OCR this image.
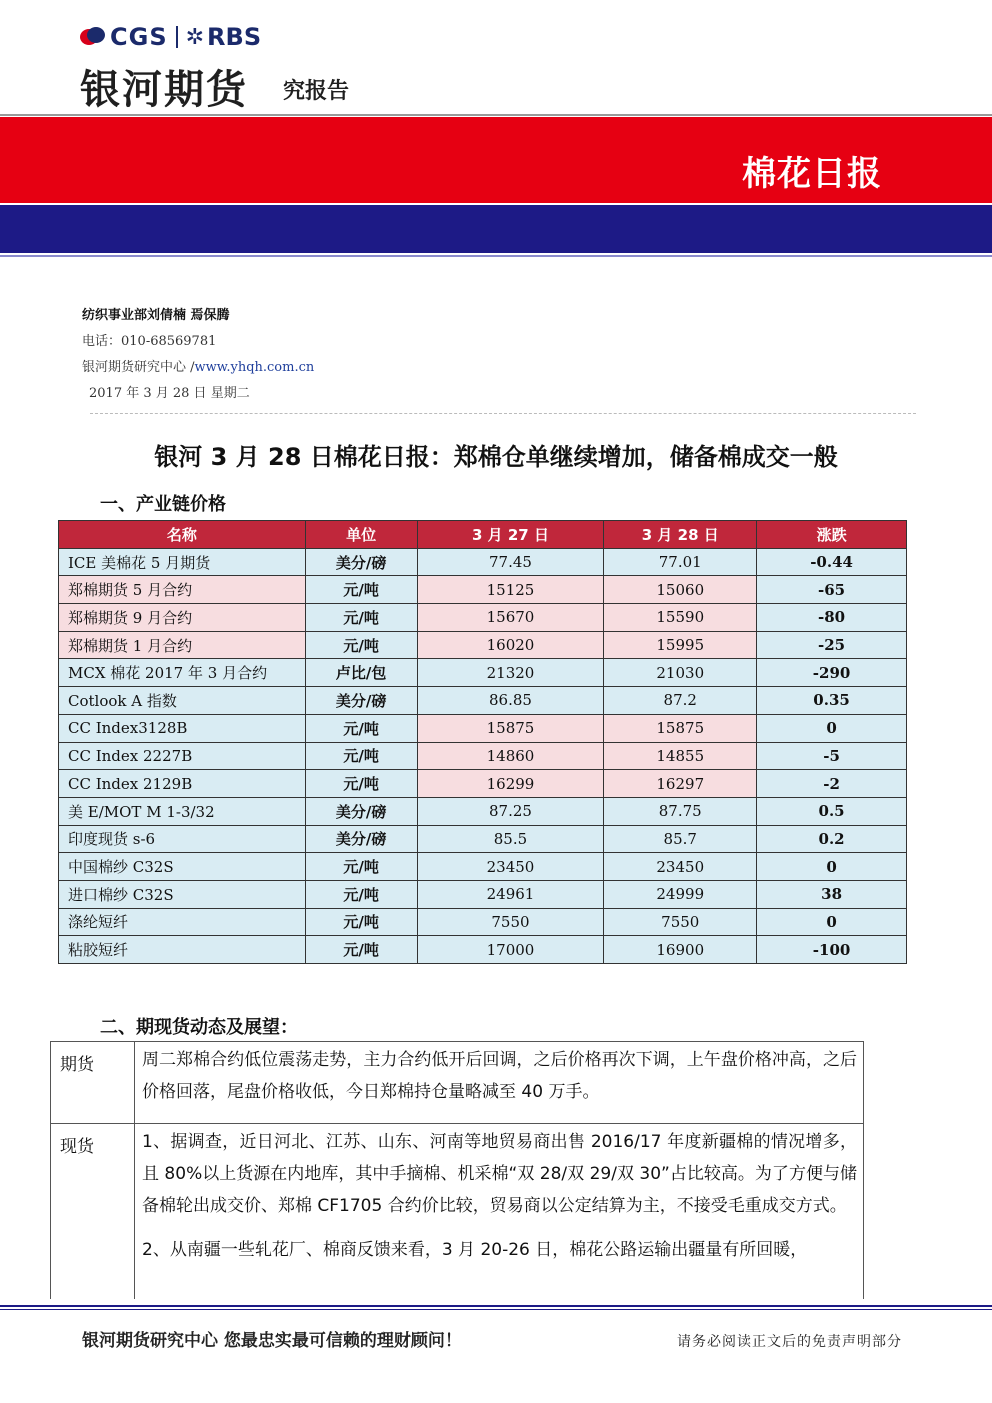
CGS ✲ RBS
银河期货 究报告
棉花日报
纺织事业部刘倩楠 焉保腾
电话：010-68569781
银河期货研究中心 /www.yhqh.com.cn
2017 年 3 月 28 日 星期二
银河 3 月 28 日棉花日报：郑棉仓单继续增加，储备棉成交一般
一、产业链价格
名称	单位	3 月 27 日	3 月 28 日	涨跌
ICE 美棉花 5 月期货	美分/磅	77.45	77.01	-0.44
郑棉期货 5 月合约	元/吨	15125	15060	-65
郑棉期货 9 月合约	元/吨	15670	15590	-80
郑棉期货 1 月合约	元/吨	16020	15995	-25
MCX 棉花 2017 年 3 月合约	卢比/包	21320	21030	-290
Cotlook A 指数	美分/磅	86.85	87.2	0.35
CC Index3128B	元/吨	15875	15875	0
CC Index 2227B	元/吨	14860	14855	-5
CC Index 2129B	元/吨	16299	16297	-2
美 E/MOT M 1-3/32	美分/磅	87.25	87.75	0.5
印度现货 s-6	美分/磅	85.5	85.7	0.2
中国棉纱 C32S	元/吨	23450	23450	0
进口棉纱 C32S	元/吨	24961	24999	38
涤纶短纤	元/吨	7550	7550	0
粘胶短纤	元/吨	17000	16900	-100
二、期现货动态及展望：
期货	周二郑棉合约低位震荡走势，主力合约低开后回调，之后价格再次下调，上午盘价格冲高，之后价格回落，尾盘价格收低，今日郑棉持仓量略减至 40 万手。
现货	1、据调查，近日河北、江苏、山东、河南等地贸易商出售 2016/17 年度新疆棉的情况增多，且 80%以上货源在内地库，其中手摘棉、机采棉“双 28/双 29/双 30”占比较高。为了方便与储备棉轮出成交价、郑棉 CF1705 合约价比较，贸易商以公定结算为主，不接受毛重成交方式。

2、从南疆一些轧花厂、棉商反馈来看，3 月 20-26 日，棉花公路运输出疆量有所回暖，

银河期货研究中心 您最忠实最可信赖的理财顾问！	请务必阅读正文后的免责声明部分
